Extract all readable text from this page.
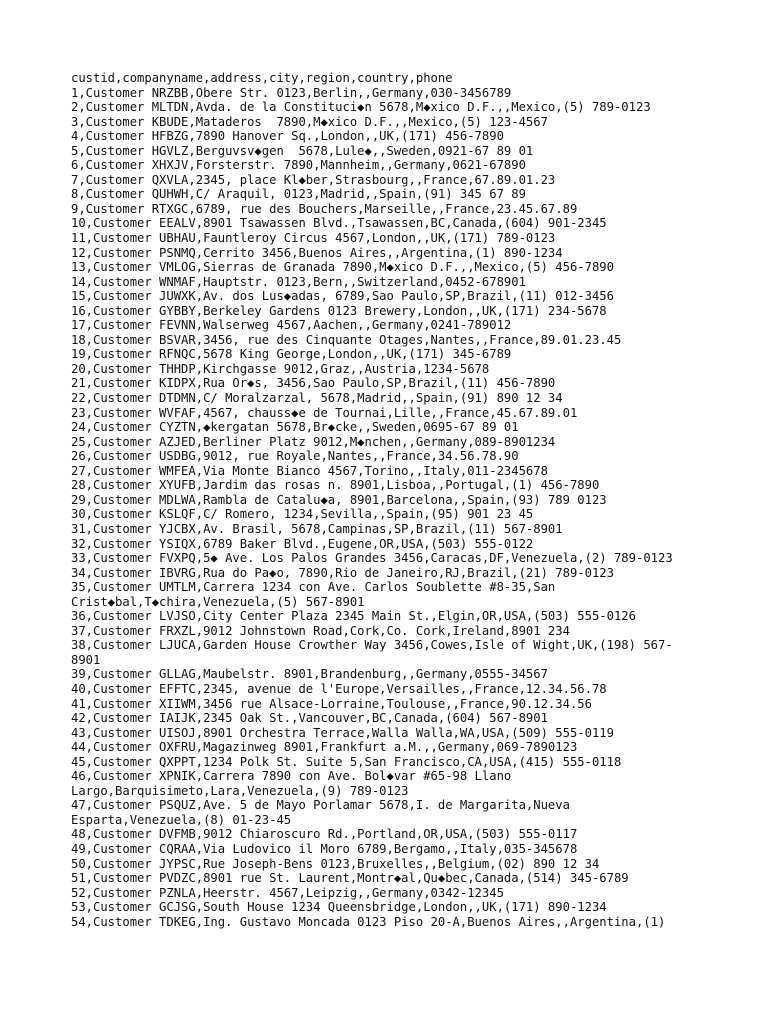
custid,companyname,address,city,region,country,phone
1,Customer NRZBB,Obere Str. 0123,Berlin,,Germany,030-3456789
2,Customer MLTDN,Avda. de la Constituci◆n 5678,M◆xico D.F.,,Mexico,(5) 789-0123
3,Customer KBUDE,Mataderos  7890,M◆xico D.F.,,Mexico,(5) 123-4567
4,Customer HFBZG,7890 Hanover Sq.,London,,UK,(171) 456-7890
5,Customer HGVLZ,Berguvsv◆gen  5678,Lule◆,,Sweden,0921-67 89 01
6,Customer XHXJV,Forsterstr. 7890,Mannheim,,Germany,0621-67890
7,Customer QXVLA,2345, place Kl◆ber,Strasbourg,,France,67.89.01.23
8,Customer QUHWH,C/ Araquil, 0123,Madrid,,Spain,(91) 345 67 89
9,Customer RTXGC,6789, rue des Bouchers,Marseille,,France,23.45.67.89
10,Customer EEALV,8901 Tsawassen Blvd.,Tsawassen,BC,Canada,(604) 901-2345
11,Customer UBHAU,Fauntleroy Circus 4567,London,,UK,(171) 789-0123
12,Customer PSNMQ,Cerrito 3456,Buenos Aires,,Argentina,(1) 890-1234
13,Customer VMLOG,Sierras de Granada 7890,M◆xico D.F.,,Mexico,(5) 456-7890
14,Customer WNMAF,Hauptstr. 0123,Bern,,Switzerland,0452-678901
15,Customer JUWXK,Av. dos Lus◆adas, 6789,Sao Paulo,SP,Brazil,(11) 012-3456
16,Customer GYBBY,Berkeley Gardens 0123 Brewery,London,,UK,(171) 234-5678
17,Customer FEVNN,Walserweg 4567,Aachen,,Germany,0241-789012
18,Customer BSVAR,3456, rue des Cinquante Otages,Nantes,,France,89.01.23.45
19,Customer RFNQC,5678 King George,London,,UK,(171) 345-6789
20,Customer THHDP,Kirchgasse 9012,Graz,,Austria,1234-5678
21,Customer KIDPX,Rua Or◆s, 3456,Sao Paulo,SP,Brazil,(11) 456-7890
22,Customer DTDMN,C/ Moralzarzal, 5678,Madrid,,Spain,(91) 890 12 34
23,Customer WVFAF,4567, chauss◆e de Tournai,Lille,,France,45.67.89.01
24,Customer CYZTN,◆kergatan 5678,Br◆cke,,Sweden,0695-67 89 01
25,Customer AZJED,Berliner Platz 9012,M◆nchen,,Germany,089-8901234
26,Customer USDBG,9012, rue Royale,Nantes,,France,34.56.78.90
27,Customer WMFEA,Via Monte Bianco 4567,Torino,,Italy,011-2345678
28,Customer XYUFB,Jardim das rosas n. 8901,Lisboa,,Portugal,(1) 456-7890
29,Customer MDLWA,Rambla de Catalu◆a, 8901,Barcelona,,Spain,(93) 789 0123
30,Customer KSLQF,C/ Romero, 1234,Sevilla,,Spain,(95) 901 23 45
31,Customer YJCBX,Av. Brasil, 5678,Campinas,SP,Brazil,(11) 567-8901
32,Customer YSIQX,6789 Baker Blvd.,Eugene,OR,USA,(503) 555-0122
33,Customer FVXPQ,5◆ Ave. Los Palos Grandes 3456,Caracas,DF,Venezuela,(2) 789-0123
34,Customer IBVRG,Rua do Pa◆o, 7890,Rio de Janeiro,RJ,Brazil,(21) 789-0123
35,Customer UMTLM,Carrera 1234 con Ave. Carlos Soublette #8-35,San
Crist◆bal,T◆chira,Venezuela,(5) 567-8901
36,Customer LVJSO,City Center Plaza 2345 Main St.,Elgin,OR,USA,(503) 555-0126
37,Customer FRXZL,9012 Johnstown Road,Cork,Co. Cork,Ireland,8901 234
38,Customer LJUCA,Garden House Crowther Way 3456,Cowes,Isle of Wight,UK,(198) 567-
8901
39,Customer GLLAG,Maubelstr. 8901,Brandenburg,,Germany,0555-34567
40,Customer EFFTC,2345, avenue de l'Europe,Versailles,,France,12.34.56.78
41,Customer XIIWM,3456 rue Alsace-Lorraine,Toulouse,,France,90.12.34.56
42,Customer IAIJK,2345 Oak St.,Vancouver,BC,Canada,(604) 567-8901
43,Customer UISOJ,8901 Orchestra Terrace,Walla Walla,WA,USA,(509) 555-0119
44,Customer OXFRU,Magazinweg 8901,Frankfurt a.M.,,Germany,069-7890123
45,Customer QXPPT,1234 Polk St. Suite 5,San Francisco,CA,USA,(415) 555-0118
46,Customer XPNIK,Carrera 7890 con Ave. Bol◆var #65-98 Llano
Largo,Barquisimeto,Lara,Venezuela,(9) 789-0123
47,Customer PSQUZ,Ave. 5 de Mayo Porlamar 5678,I. de Margarita,Nueva
Esparta,Venezuela,(8) 01-23-45
48,Customer DVFMB,9012 Chiaroscuro Rd.,Portland,OR,USA,(503) 555-0117
49,Customer CQRAA,Via Ludovico il Moro 6789,Bergamo,,Italy,035-345678
50,Customer JYPSC,Rue Joseph-Bens 0123,Bruxelles,,Belgium,(02) 890 12 34
51,Customer PVDZC,8901 rue St. Laurent,Montr◆al,Qu◆bec,Canada,(514) 345-6789
52,Customer PZNLA,Heerstr. 4567,Leipzig,,Germany,0342-12345
53,Customer GCJSG,South House 1234 Queensbridge,London,,UK,(171) 890-1234
54,Customer TDKEG,Ing. Gustavo Moncada 0123 Piso 20-A,Buenos Aires,,Argentina,(1)
